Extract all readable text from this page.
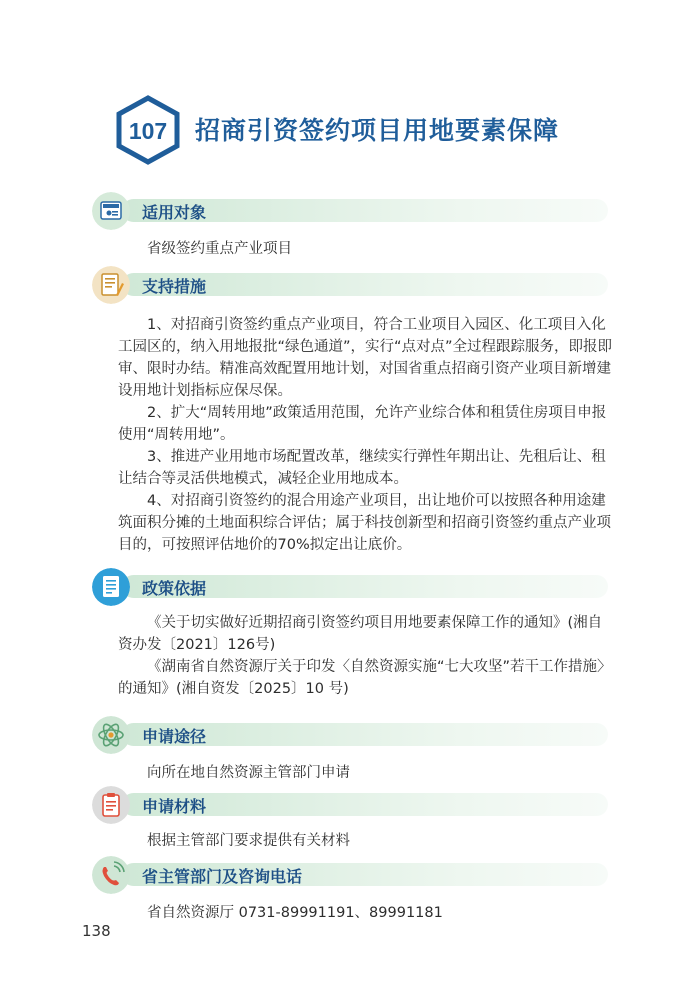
107 招商引资签约项目用地要素保障
适用对象

省级签约重点产业项目

支持措施

1、对招商引资签约重点产业项目，符合工业项目入园区、化工项目入化工园区的，纳入用地报批“绿色通道”，实行“点对点”全过程跟踪服务，即报即审、限时办结。精准高效配置用地计划，对国省重点招商引资产业项目新增建设用地计划指标应保尽保。

2、扩大“周转用地”政策适用范围，允许产业综合体和租赁住房项目申报使用“周转用地”。

3、推进产业用地市场配置改革，继续实行弹性年期出让、先租后让、租让结合等灵活供地模式，减轻企业用地成本。

4、对招商引资签约的混合用途产业项目，出让地价可以按照各种用途建筑面积分摊的土地面积综合评估；属于科技创新型和招商引资签约重点产业项目的，可按照评估地价的70%拟定出让底价。

政策依据

《关于切实做好近期招商引资签约项目用地要素保障工作的通知》(湘自资办发〔2021〕126号)

《湖南省自然资源厅关于印发〈自然资源实施“七大攻坚”若干工作措施〉的通知》(湘自资发〔2025〕10 号)

申请途径

向所在地自然资源主管部门申请

申请材料

根据主管部门要求提供有关材料

省主管部门及咨询电话

省自然资源厅 0731-89991191、89991181

138
